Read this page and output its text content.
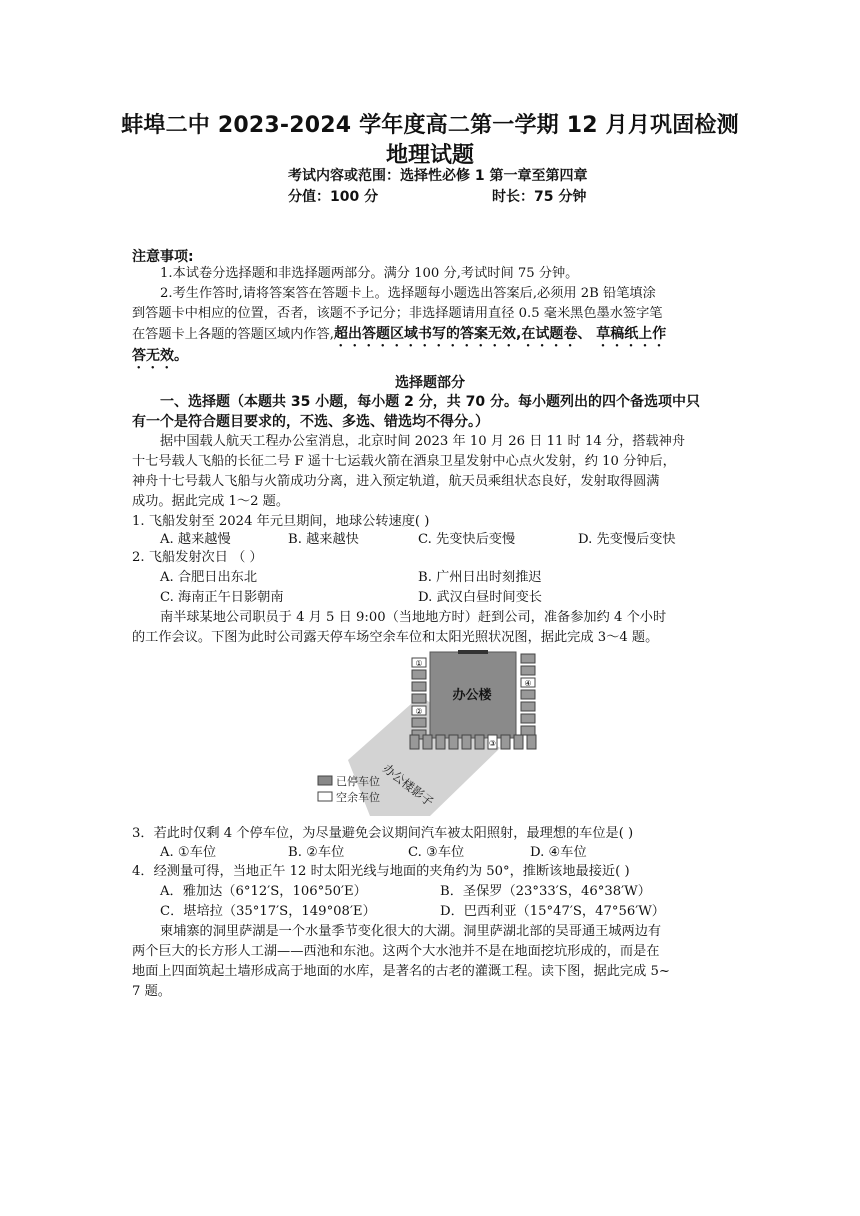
蚌埠二中 2023-2024 学年度高二第一学期 12 月月巩固检测
地理试题
考试内容或范围：选择性必修 1 第一章至第四章
分值：100 分	时长：75 分钟
注意事项:
1.本试卷分选择题和非选择题两部分。满分 100 分,考试时间 75 分钟。
2.考生作答时,请将答案答在答题卡上。选择题每小题选出答案后,必须用 2B 铅笔填涂
到答题卡中相应的位置，否者，该题不予记分；非选择题请用直径 0.5 毫米黑色墨水签字笔
在答题卡上各题的答题区域内作答,超出答题区域书写的答案无效,在试题卷、 草稿纸上作
答无效。
选择题部分
一、选择题（本题共 35 小题，每小题 2 分，共 70 分。每小题列出的四个备选项中只
有一个是符合题目要求的，不选、多选、错选均不得分。）
据中国载人航天工程办公室消息，北京时间 2023 年 10 月 26 日 11 时 14 分，搭载神舟
十七号载人飞船的长征二号 F 遥十七运载火箭在酒泉卫星发射中心点火发射，约 10 分钟后，
神舟十七号载人飞船与火箭成功分离，进入预定轨道，航天员乘组状态良好，发射取得圆满
成功。据此完成 1～2 题。
1. 飞船发射至 2024 年元旦期间，地球公转速度( )
A. 越来越慢	B. 越来越快	C. 先变快后变慢	D. 先变慢后变快
2. 飞船发射次日 （ ）
A. 合肥日出东北	B. 广州日出时刻推迟
C. 海南正午日影朝南	D. 武汉白昼时间变长
南半球某地公司职员于 4 月 5 日 9:00（当地地方时）赶到公司，准备参加约 4 个小时
的工作会议。下图为此时公司露天停车场空余车位和太阳光照状况图，据此完成 3～4 题。
办公楼
①
②
④
③
办公楼影子
已停车位
空余车位
3．若此时仅剩 4 个停车位，为尽量避免会议期间汽车被太阳照射，最理想的车位是( )
A. ①车位	B. ②车位	C. ③车位	D. ④车位
4．经测量可得，当地正午 12 时太阳光线与地面的夹角约为 50°，推断该地最接近( )
A．雅加达（6°12′S，106°50′E）	B．圣保罗（23°33′S，46°38′W）
C．堪培拉（35°17′S，149°08′E）	D．巴西利亚（15°47′S，47°56′W）
柬埔寨的洞里萨湖是一个水量季节变化很大的大湖。洞里萨湖北部的吴哥通王城两边有
两个巨大的长方形人工湖——西池和东池。这两个大水池并不是在地面挖坑形成的，而是在
地面上四面筑起土墙形成高于地面的水库，是著名的古老的灌溉工程。读下图，据此完成 5~
7 题。
